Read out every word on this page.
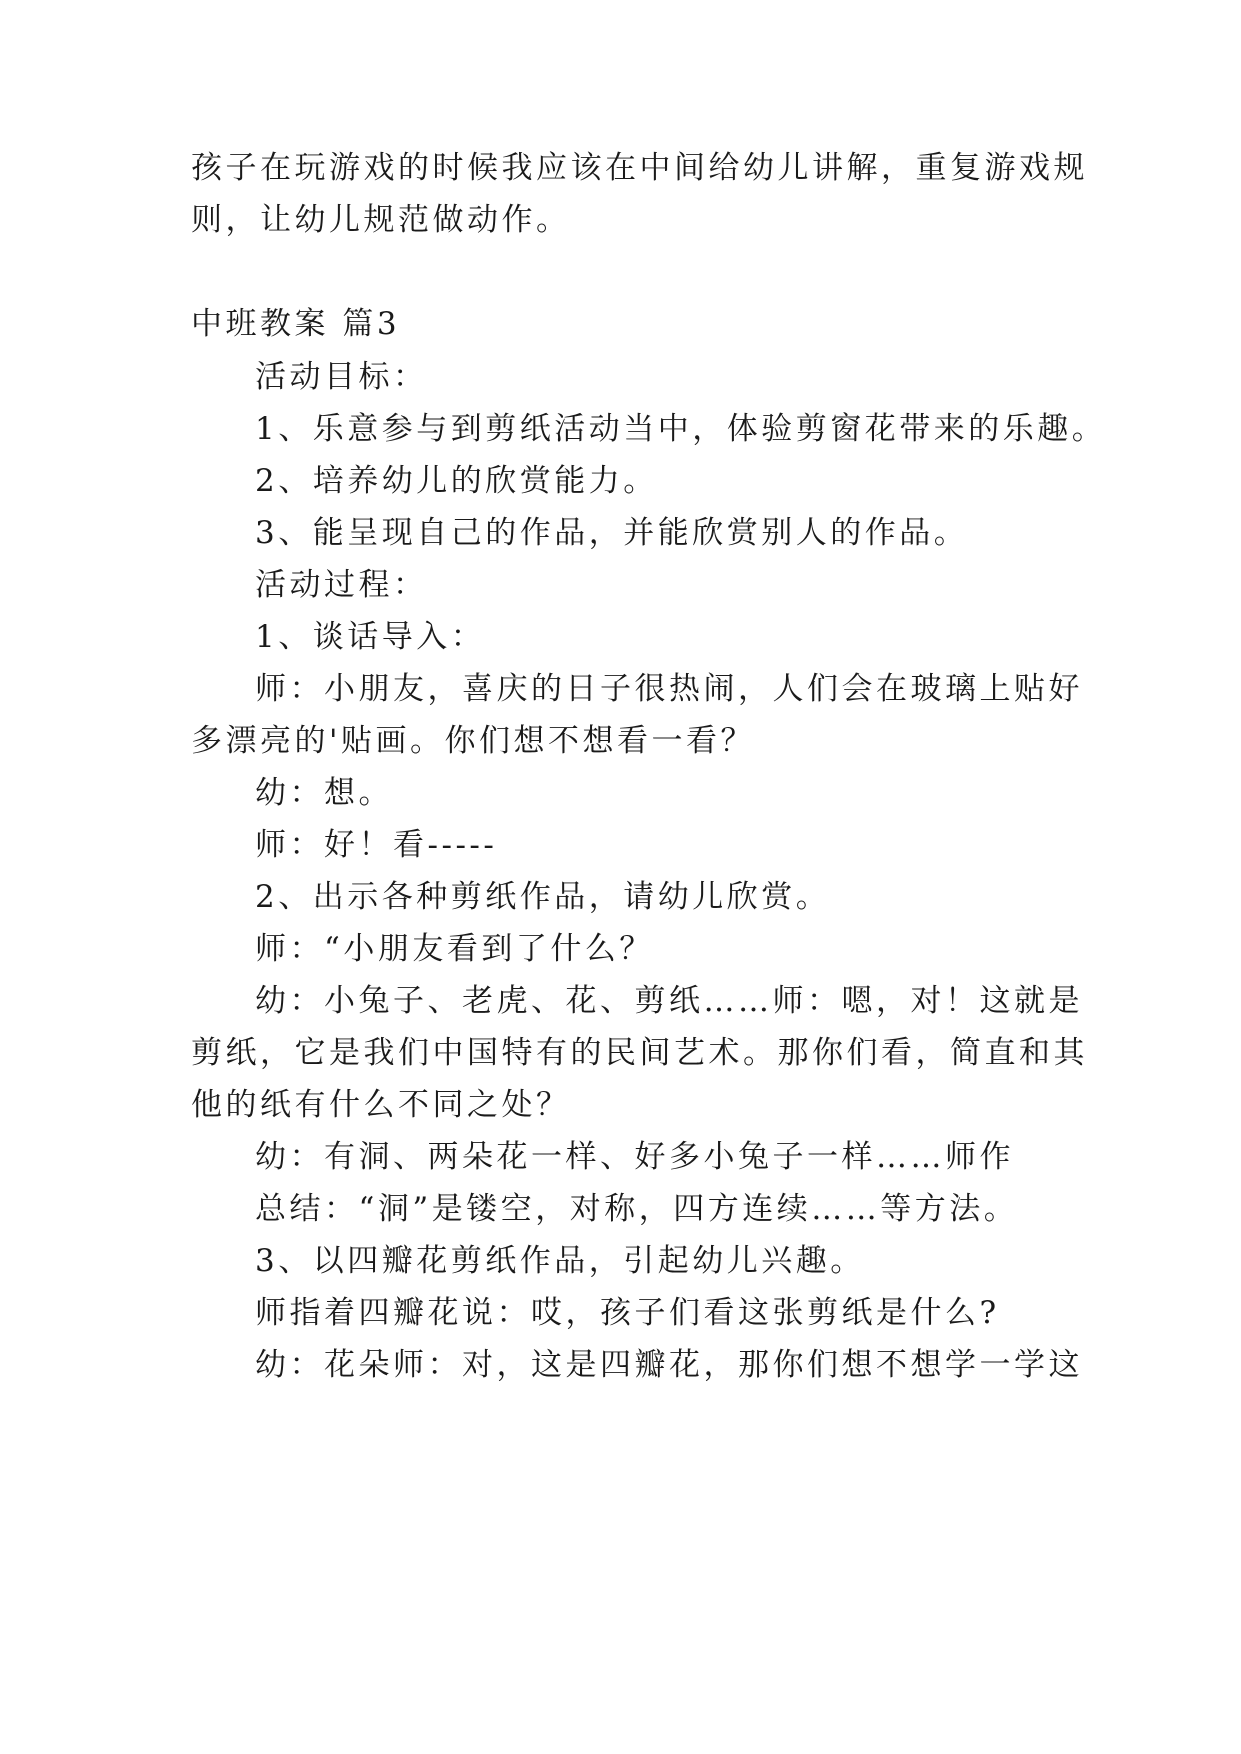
孩子在玩游戏的时候我应该在中间给幼儿讲解，重复游戏规
则，让幼儿规范做动作。
中班教案 篇3
活动目标：
1、乐意参与到剪纸活动当中，体验剪窗花带来的乐趣。
2、培养幼儿的欣赏能力。
3、能呈现自己的作品，并能欣赏别人的作品。
活动过程：
1、谈话导入：
师：小朋友，喜庆的日子很热闹，人们会在玻璃上贴好
多漂亮的'贴画。你们想不想看一看？
幼：想。
师：好！看-----
2、出示各种剪纸作品，请幼儿欣赏。
师：“小朋友看到了什么？
幼：小兔子、老虎、花、剪纸……师：嗯，对！这就是
剪纸，它是我们中国特有的民间艺术。那你们看，简直和其
他的纸有什么不同之处？
幼：有洞、两朵花一样、好多小兔子一样……师作
总结：“洞”是镂空，对称，四方连续……等方法。
3、以四瓣花剪纸作品，引起幼儿兴趣。
师指着四瓣花说：哎，孩子们看这张剪纸是什么?
幼：花朵师：对，这是四瓣花，那你们想不想学一学这
